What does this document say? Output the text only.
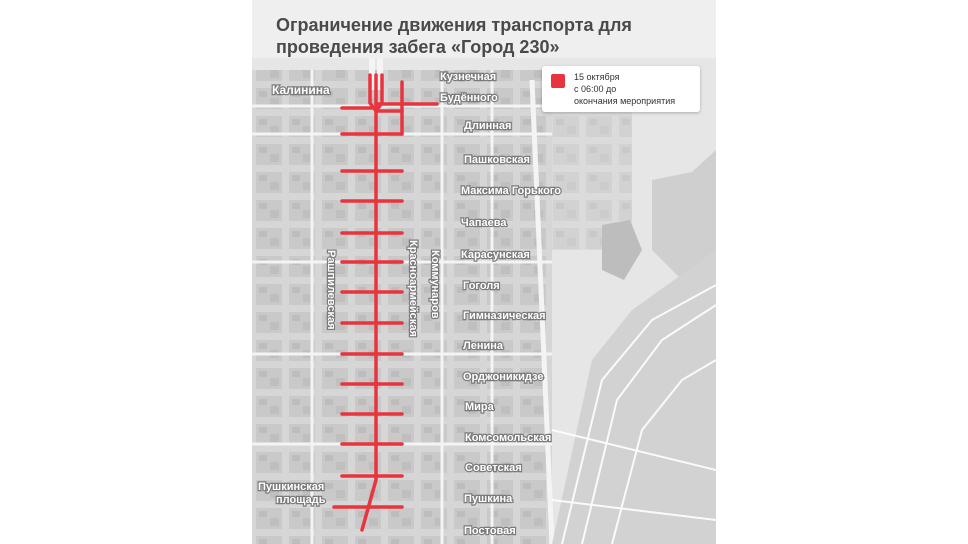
Ограничение движения транспорта для
проведения забега «Город 230»
Калинина
Кузнечная
Будённого
Длинная
Пашковская
Максима Горького
Чапаева
Карасунская
Гоголя
Гимназическая
Ленина
Орджоникидзе
Мира
Комсомольская
Советская
Пушкина
Постовая
Рашпилевская	Красноармейская Коммунаров
Пушкинская
площадь
15 октября
с 06:00 до
окончания мероприятия
